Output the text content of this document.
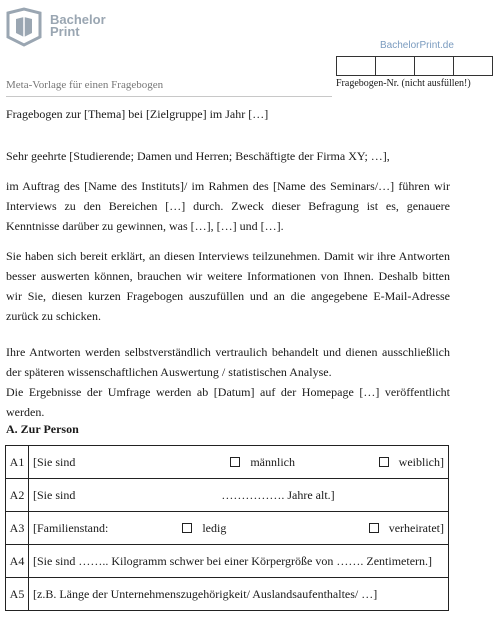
Bachelor
Print
BachelorPrint.de
Fragebogen-Nr. (nicht ausfüllen!)
Meta-Vorlage für einen Fragebogen

Fragebogen zur [Thema] bei [Zielgruppe] im Jahr […]

Sehr geehrte [Studierende; Damen und Herren; Beschäftigte der Firma XY; …],

im Auftrag des [Name des Instituts]/ im Rahmen des [Name des Seminars/…] führen wir Interviews zu den Bereichen […] durch. Zweck dieser Befragung ist es, genauere Kenntnisse darüber zu gewinnen, was […], […] und […].

Sie haben sich bereit erklärt, an diesen Interviews teilzunehmen. Damit wir ihre Antworten besser auswerten können, brauchen wir weitere Informationen von Ihnen. Deshalb bitten wir Sie, diesen kurzen Fragebogen auszufüllen und an die angegebene E-Mail-Adresse zurück zu schicken.

Ihre Antworten werden selbstverständlich vertraulich behandelt und dienen ausschließlich der späteren wissenschaftlichen Auswertung / statistischen Analyse.
Die Ergebnisse der Umfrage werden ab [Datum] auf der Homepage […] veröffentlicht werden.
A. Zur Person
A1	[Sie sind männlich weiblich]

A2	[Sie sind ……………. Jahre alt.]

A3	[Familienstand: ledig verheiratet]

A4	[Sie sind …….. Kilogramm schwer bei einer Körpergröße von ……. Zentimetern.]
A5	[z.B. Länge der Unternehmenszugehörigkeit/ Auslandsaufenthaltes/ …]
